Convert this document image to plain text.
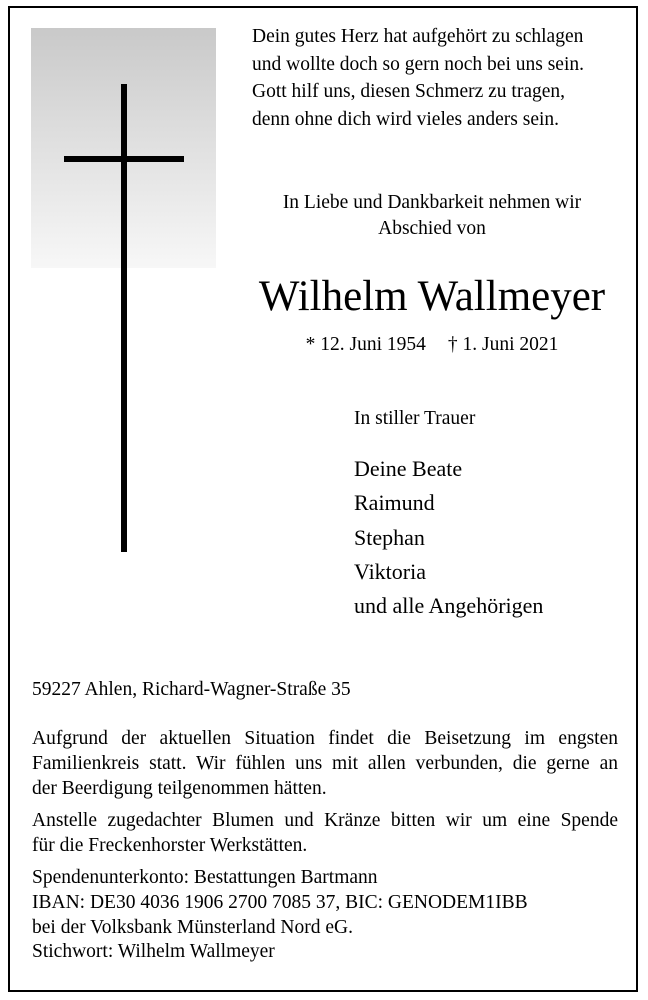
Dein gutes Herz hat aufgehört zu schlagen
und wollte doch so gern noch bei uns sein.
Gott hilf uns, diesen Schmerz zu tragen,
denn ohne dich wird vieles anders sein.
In Liebe und Dankbarkeit nehmen wir
Abschied von
Wilhelm Wallmeyer
* 12. Juni 1954 † 1. Juni 2021
In stiller Trauer
Deine Beate
Raimund
Stephan
Viktoria
und alle Angehörigen
59227 Ahlen, Richard-Wagner-Straße 35
Aufgrund der aktuellen Situation findet die Beisetzung im engsten
Familienkreis statt. Wir fühlen uns mit allen verbunden, die gerne an
der Beerdigung teilgenommen hätten.
Anstelle zugedachter Blumen und Kränze bitten wir um eine Spende
für die Freckenhorster Werkstätten.
Spendenunterkonto: Bestattungen Bartmann
IBAN: DE30 4036 1906 2700 7085 37, BIC: GENODEM1IBB
bei der Volksbank Münsterland Nord eG.
Stichwort: Wilhelm Wallmeyer
